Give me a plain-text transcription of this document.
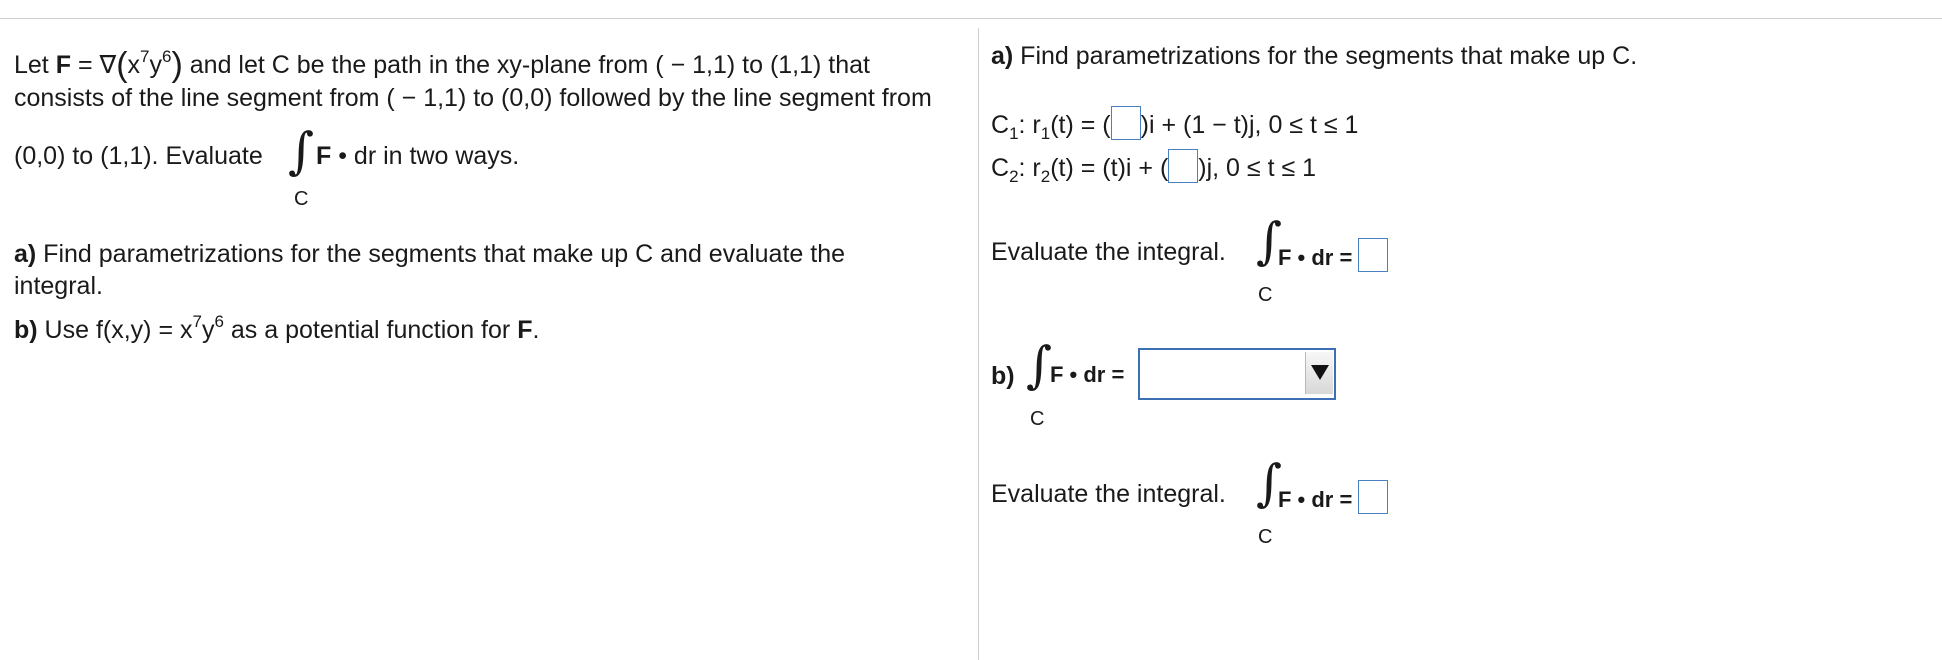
Let $F = \nabla(x^7y^6)$ and let C be the path in the xy-plane from ( − 1,1) to (1,1) that
consists of the line segment from ( − 1,1) to (0,0) followed by the line segment from
(0,0) to (1,1). Evaluate ∫
C
F • dr in two ways.
a) Find parametrizations for the segments that make up C and evaluate the
integral.
b) Use $f(x,y) = x^7y^6$ as a potential function for F.
a) Find parametrizations for the segments that make up C.
$C_1$: $r_1(t)$ = ( )i + (1 − t)j, 0 ≤ t ≤ 1
$C_2$: $r_2(t) = (t)i$ + ( )j, 0 ≤ t ≤ 1
Evaluate the integral. ∫
C
F • dr =
b) ∫
C
F • dr =
Evaluate the integral. ∫
C
F • dr =
